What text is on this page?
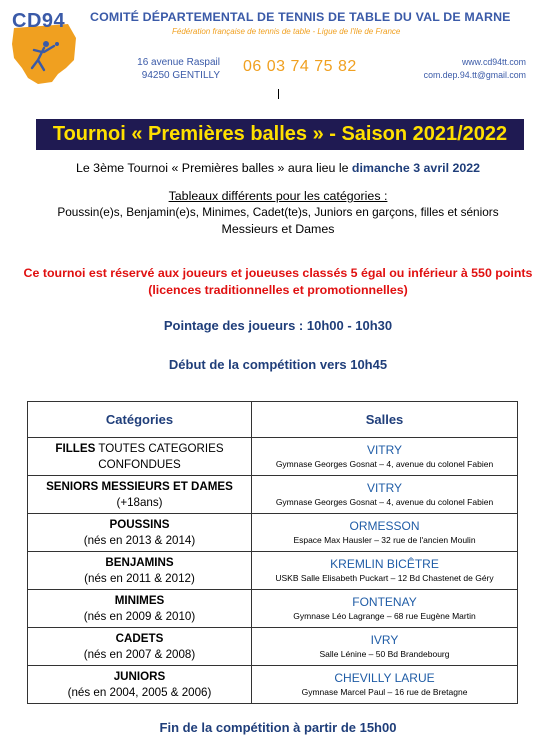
CD94 COMITÉ DÉPARTEMENTAL DE TENNIS DE TABLE DU VAL DE MARNE
Fédération française de tennis de table - Ligue de l'Ile de France
16 avenue Raspail
94250 GENTILLY
06 03 74 75 82	www.cd94tt.com
com.dep.94.tt@gmail.com
Tournoi « Premières balles » - Saison 2021/2022
Le 3ème Tournoi « Premières balles » aura lieu le dimanche 3 avril 2022
Tableaux différents pour les catégories :
Poussin(e)s, Benjamin(e)s, Minimes, Cadet(te)s, Juniors en garçons, filles et séniors
Messieurs et Dames
Ce tournoi est réservé aux joueurs et joueuses classés 5 égal ou inférieur à 550 points (licences traditionnelles et promotionnelles)
Pointage des joueurs : 10h00 - 10h30
Début de la compétition vers 10h45
Catégories	Salles
FILLES TOUTES CATEGORIES
CONFONDUES	VITRY
Gymnase Georges Gosnat – 4, avenue du colonel Fabien

SENIORS MESSIEURS ET DAMES
(+18ans)	VITRY
Gymnase Georges Gosnat – 4, avenue du colonel Fabien

POUSSINS
(nés en 2013 & 2014)	ORMESSON
Espace Max Hausler – 32 rue de l'ancien Moulin

BENJAMINS
(nés en 2011 & 2012)	KREMLIN BICÊTRE
USKB Salle Elisabeth Puckart – 12 Bd Chastenet de Géry

MINIMES
(nés en 2009 & 2010)	FONTENAY
Gymnase Léo Lagrange – 68 rue Eugène Martin

CADETS
(nés en 2007 & 2008)	IVRY
Salle Lénine – 50 Bd Brandebourg

JUNIORS
(nés en 2004, 2005 & 2006)	CHEVILLY LARUE
Gymnase Marcel Paul – 16 rue de Bretagne
Fin de la compétition à partir de 15h00
